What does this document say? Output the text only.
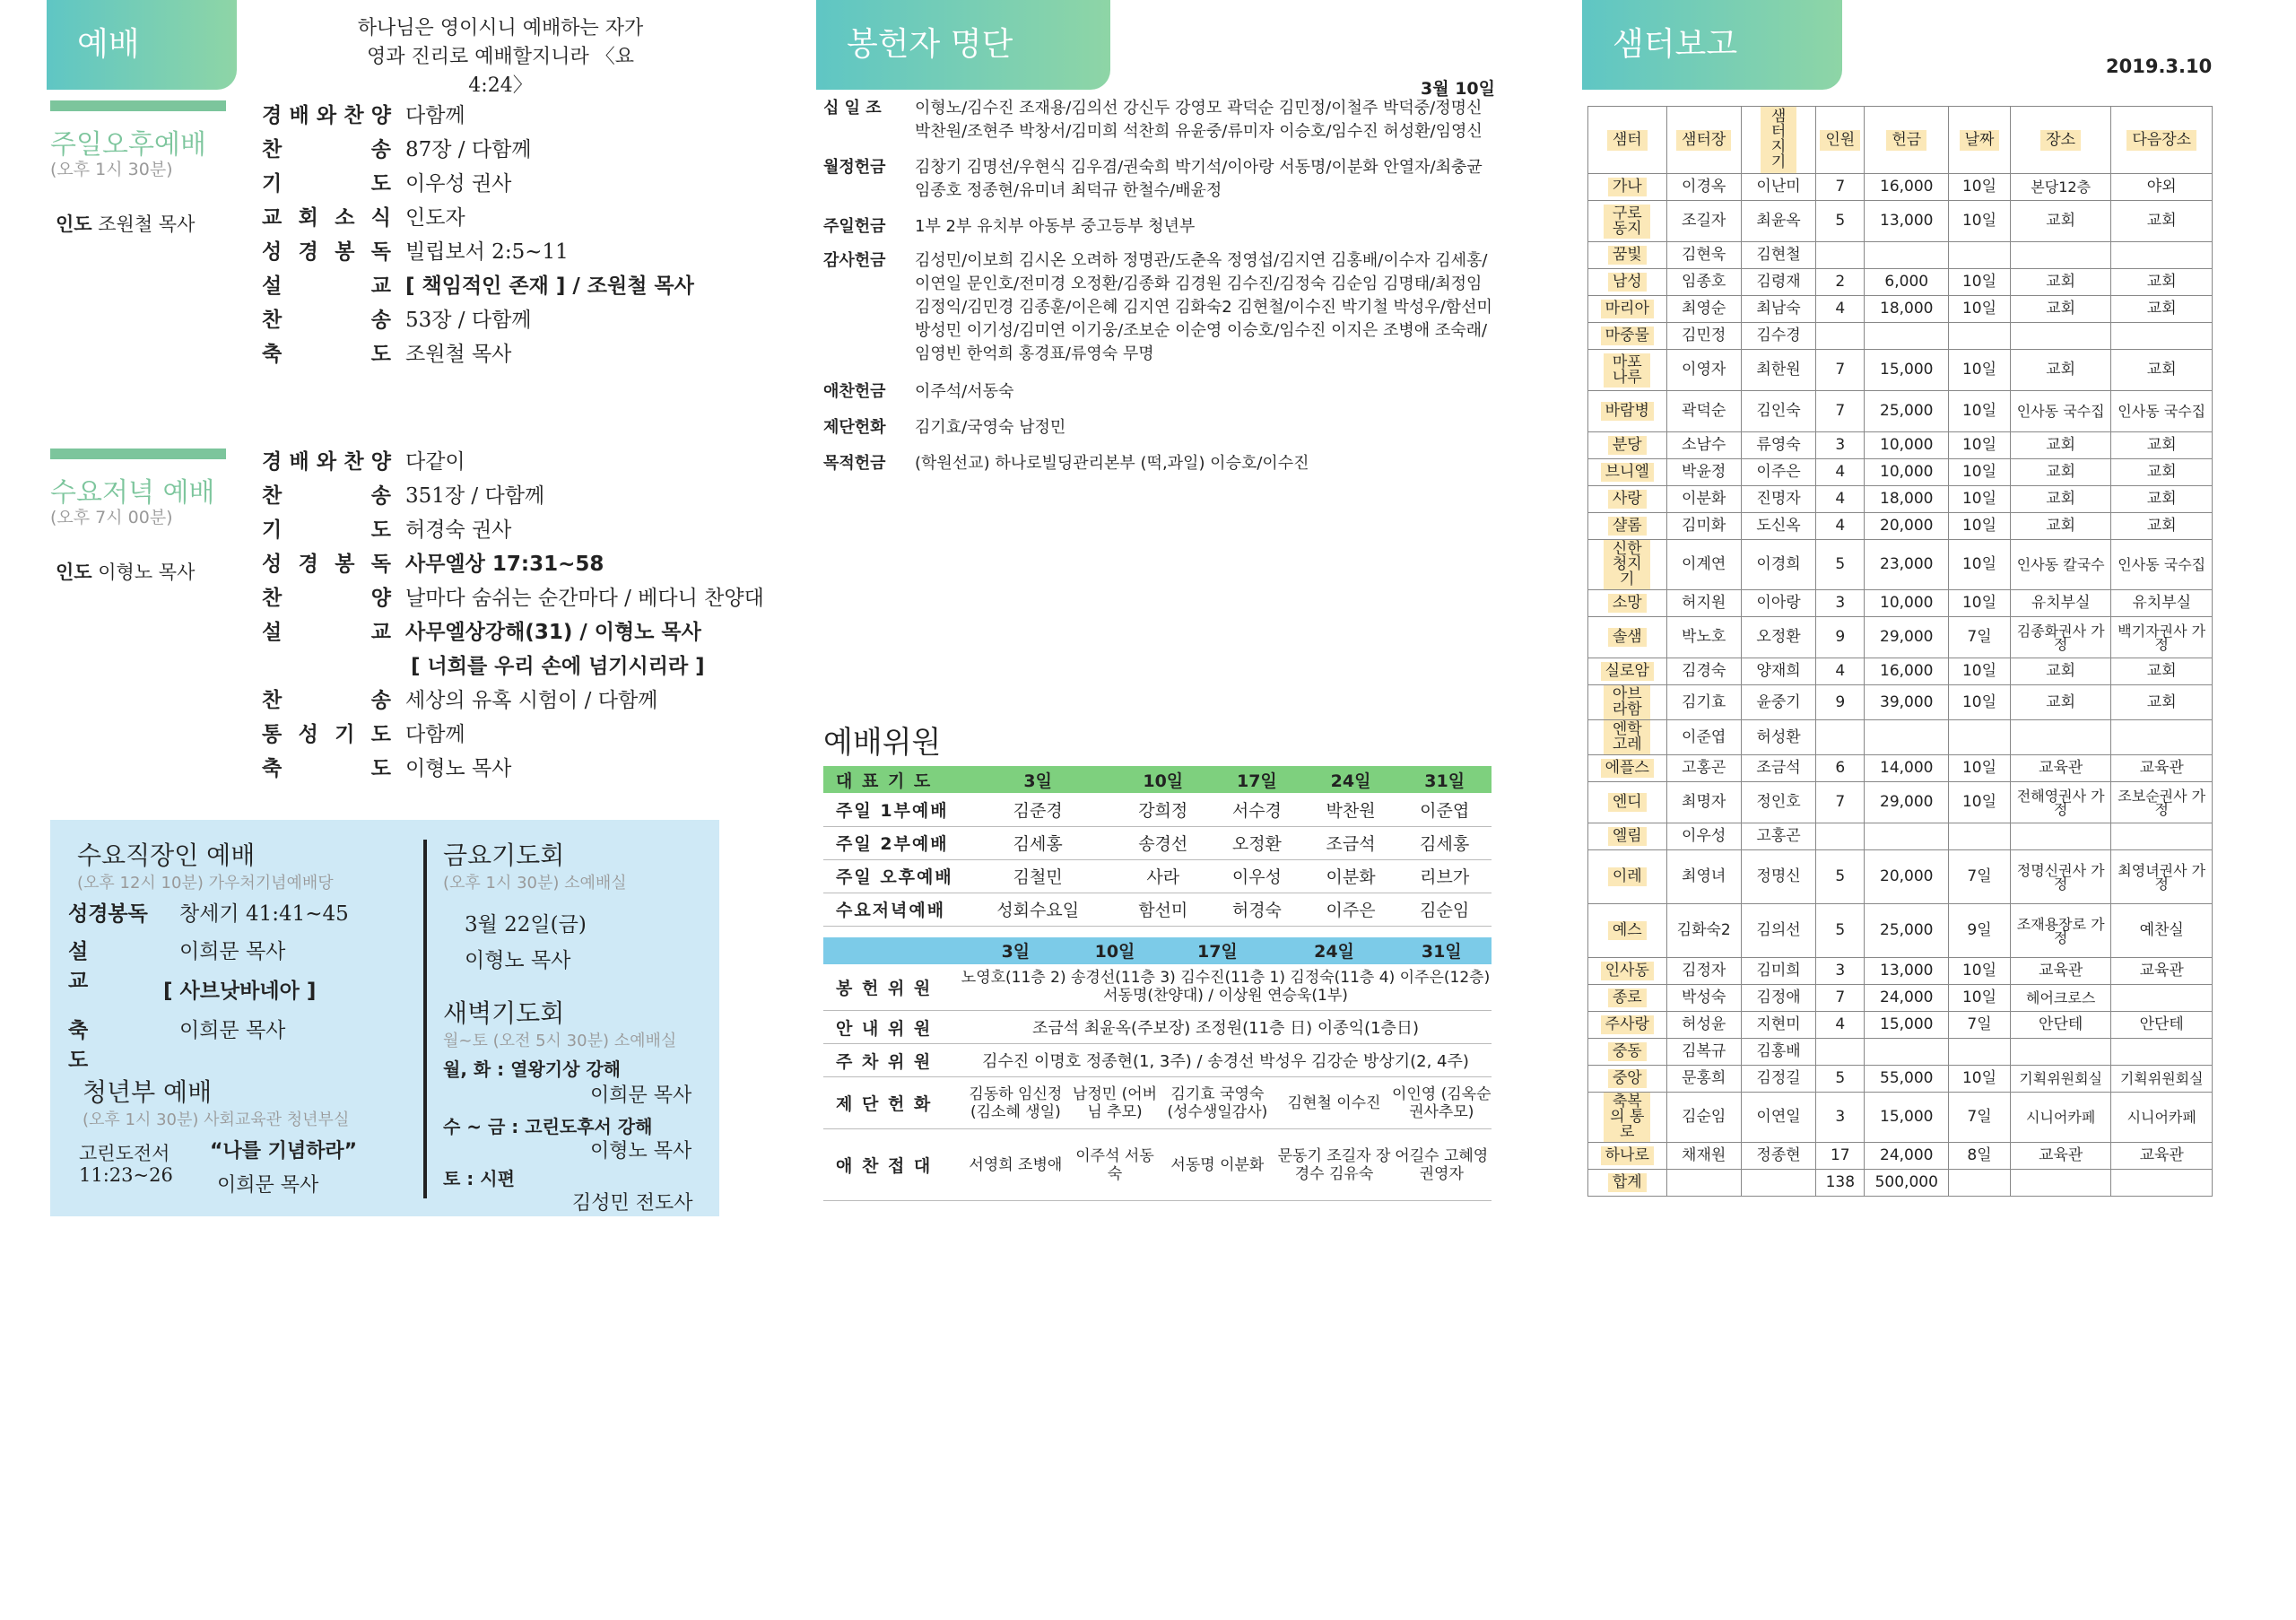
예배	하나님은 영이시니 예배하는 자가
영과 진리로 예배할지니라 〈요 4:24〉
주일오후예배
(오후 1시 30분)
인도 조원철 목사
경 배 와 찬 양 다함께
찬	송 87장 / 다함께
기	도 이우성 권사
교 회 소 식 인도자
성 경 봉 독 빌립보서 2:5~11
설	교 [ 책임적인 존재 ] / 조원철 목사
찬	송 53장 / 다함께
축	도 조원철 목사
수요저녁 예배
(오후 7시 00분)
인도 이형노 목사
경 배 와 찬 양 다같이
찬	송 351장 / 다함께
기	도 허경숙 권사
성 경 봉 독 사무엘상 17:31~58
찬	양 날마다 숨쉬는 순간마다 / 베다니 찬양대
설	교 사무엘상강해(31) / 이형노 목사
[ 너희를 우리 손에 넘기시리라 ]
찬	송 세상의 유혹 시험이 / 다함께
통 성 기 도 다함께
축	도 이형노 목사
수요직장인 예배
(오후 12시 10분) 가우처기념예배당
성경봉독	창세기 41:41~45
설 교
이희문 목사
[ 사브낫바네아 ]
축 도
이희문 목사
청년부 예배
(오후 1시 30분) 사회교육관 청년부실
고린도전서
11:23~26
“나를 기념하라”
이희문 목사
금요기도회
(오후 1시 30분) 소예배실
3월 22일(금)
이형노 목사
새벽기도회
월~토 (오전 5시 30분) 소예배실
월, 화 : 열왕기상 강해
이희문 목사
수 ~ 금 : 고린도후서 강해
이형노 목사
토 : 시편
김성민 전도사
봉헌자 명단
3월 10일
십 일 조	이형노/김수진 조재용/김의선 강신두 강영모 곽덕순 김민정/이철주 박덕중/정명신 박찬원/조현주 박창서/김미희 석찬희 유윤중/류미자 이승호/임수진 허성환/임영신
월정헌금	김창기 김명선/우현식 김우겸/권숙희 박기석/이아랑 서동명/이분화 안열자/최충균 임종호 정종현/유미녀 최덕규 한철수/배윤정
주일헌금	1부 2부 유치부 아동부 중고등부 청년부
감사헌금	김성민/이보희 김시온 오려하 정명관/도춘옥 정영섭/김지연 김홍배/이수자 김세홍/이연일 문인호/전미경 오정환/김종화 김경원 김수진/김정숙 김순임 김명태/최정임 김정익/김민경 김종훈/이은혜 김지연 김화숙2 김현철/이수진 박기철 박성우/함선미 방성민 이기성/김미연 이기웅/조보순 이순영 이승호/임수진 이지은 조병애 조숙래/임영빈 한억희 홍경표/류영숙 무명
애찬헌금	이주석/서동숙
제단헌화	김기효/국영숙 남정민
목적헌금	(학원선교) 하나로빌딩관리본부 (떡,과일) 이승호/이수진
예배위원
대 표 기 도	3일	10일	17일	24일	31일
주일 1부예배	김준경	강희정	서수경	박찬원	이준엽
주일 2부예배	김세홍	송경선	오정환	조금석	김세홍
주일 오후예배	김철민	사라	이우성	이분화	리브가
수요저녁예배	성회수요일	함선미	허경숙	이주은	김순임
	3일	10일	17일	24일	31일
봉 헌 위 원	노영호(11층 2) 송경선(11층 3) 김수진(11층 1) 김정숙(11층 4) 이주은(12층) 서동명(찬양대) / 이상원 연승욱(1부)				
안 내 위 원	조금석 최윤옥(주보장) 조정원(11층 日) 이종익(1층日)				
주 차 위 원	김수진 이명호 정종현(1, 3주) / 송경선 박성우 김강순 방상기(2, 4주)				
제 단 헌 화	김동하 임신정 (김소혜 생일)	남정민 (어버님 추모)	김기효 국영숙 (성수생일감사)	김현철 이수진	이인영 (김옥순권사추모)
애 찬 접 대	서영희 조병애	이주석 서동숙	서동명 이분화	문동기 조길자 장경수 김유숙	어길수 고혜영 권영자
샘터보고
2019.3.10
샘터	샘터장	샘터 지기	인원	헌금	날짜	장소	다음장소
가나	이경옥	이난미	7	16,000	10일	본당12층	야외
구로 동지	조길자	최윤옥	5	13,000	10일	교회	교회
꿈빛	김현욱	김현철					
남성	임종호	김령재	2	6,000	10일	교회	교회
마리아	최영순	최남숙	4	18,000	10일	교회	교회
마중물	김민정	김수경					
마포 나루	이영자	최한원	7	15,000	10일	교회	교회
바람병	곽덕순	김인숙	7	25,000	10일	인사동 국수집	인사동 국수집
분당	소남수	류영숙	3	10,000	10일	교회	교회
브니엘	박윤정	이주은	4	10,000	10일	교회	교회
사랑	이분화	진명자	4	18,000	10일	교회	교회
샬롬	김미화	도신옥	4	20,000	10일	교회	교회
신한 청지기	이계연	이경희	5	23,000	10일	인사동 칼국수	인사동 국수집
소망	허지원	이아랑	3	10,000	10일	유치부실	유치부실
솔샘	박노호	오정환	9	29,000	7일	김종화권사 가정	백기자권사 가정
실로암	김경숙	양재희	4	16,000	10일	교회	교회
아브라함	김기효	윤중기	9	39,000	10일	교회	교회
엔학고레	이준엽	허성환					
에플스	고홍곤	조금석	6	14,000	10일	교육관	교육관
엔디	최명자	정인호	7	29,000	10일	전해영권사 가정	조보순권사 가정
엘림	이우성	고홍곤					
이레	최영녀	정명신	5	20,000	7일	정명신권사 가정	최영녀권사 가정
예스	김화숙2	김의선	5	25,000	9일	조재용장로 가정	예찬실
인사동	김정자	김미희	3	13,000	10일	교육관	교육관
종로	박성숙	김정애	7	24,000	10일	헤어크로스	
주사랑	허성윤	지현미	4	15,000	7일	안단테	안단테
중동	김복규	김홍배					
중앙	문홍희	김정길	5	55,000	10일	기획위원회실	기획위원회실
축복의 통로	김순임	이연일	3	15,000	7일	시니어카페	시니어카페
하나로	채재원	정종현	17	24,000	8일	교육관	교육관
합계			138	500,000			
